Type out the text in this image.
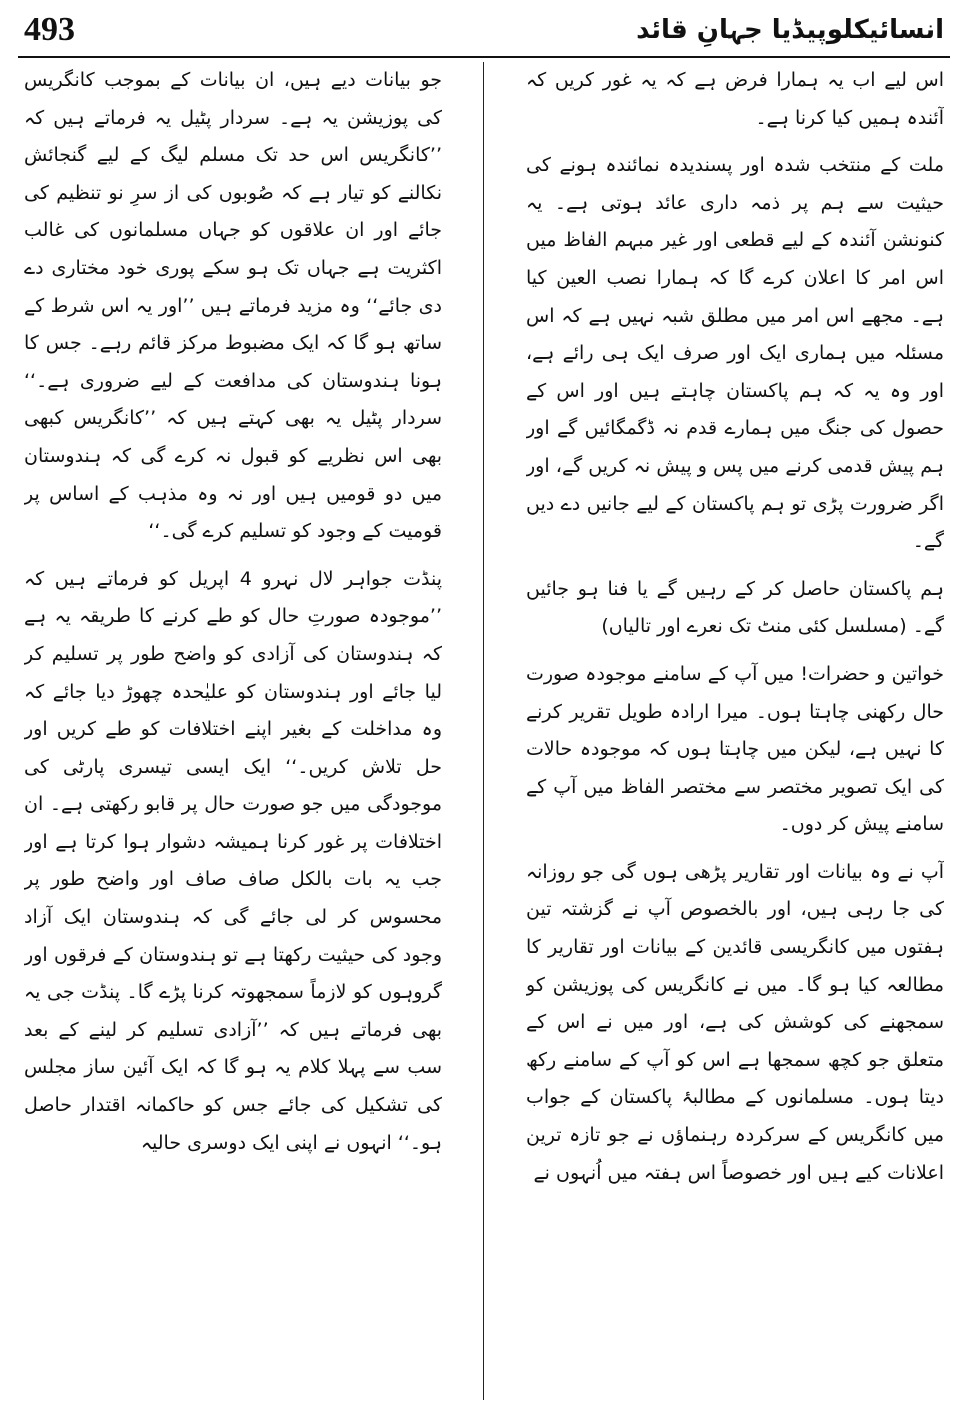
493	انسائیکلوپیڈیا جہانِ قائد

اس لیے اب یہ ہمارا فرض ہے کہ یہ غور کریں کہ آئندہ ہمیں کیا کرنا ہے۔

ملت کے منتخب شدہ اور پسندیدہ نمائندہ ہونے کی حیثیت سے ہم پر ذمہ داری عائد ہوتی ہے۔ یہ کنونشن آئندہ کے لیے قطعی اور غیر مبہم الفاظ میں اس امر کا اعلان کرے گا کہ ہمارا نصب العین کیا ہے۔ مجھے اس امر میں مطلق شبہ نہیں ہے کہ اس مسئلہ میں ہماری ایک اور صرف ایک ہی رائے ہے، اور وہ یہ کہ ہم پاکستان چاہتے ہیں اور اس کے حصول کی جنگ میں ہمارے قدم نہ ڈگمگائیں گے اور ہم پیش قدمی کرنے میں پس و پیش نہ کریں گے، اور اگر ضرورت پڑی تو ہم پاکستان کے لیے جانیں دے دیں گے۔

ہم پاکستان حاصل کر کے رہیں گے یا فنا ہو جائیں گے۔ (مسلسل کئی منٹ تک نعرے اور تالیاں)

خواتین و حضرات! میں آپ کے سامنے موجودہ صورت حال رکھنی چاہتا ہوں۔ میرا ارادہ طویل تقریر کرنے کا نہیں ہے، لیکن میں چاہتا ہوں کہ موجودہ حالات کی ایک تصویر مختصر سے مختصر الفاظ میں آپ کے سامنے پیش کر دوں۔

آپ نے وہ بیانات اور تقاریر پڑھی ہوں گی جو روزانہ کی جا رہی ہیں، اور بالخصوص آپ نے گزشتہ تین ہفتوں میں کانگریسی قائدین کے بیانات اور تقاریر کا مطالعہ کیا ہو گا۔ میں نے کانگریس کی پوزیشن کو سمجھنے کی کوشش کی ہے، اور میں نے اس کے متعلق جو کچھ سمجھا ہے اس کو آپ کے سامنے رکھ دیتا ہوں۔ مسلمانوں کے مطالبۂ پاکستان کے جواب میں کانگریس کے سرکردہ رہنماؤں نے جو تازہ ترین اعلانات کیے ہیں اور خصوصاً اس ہفتہ میں اُنہوں نے

جو بیانات دیے ہیں، ان بیانات کے بموجب کانگریس کی پوزیشن یہ ہے۔ سردار پٹیل یہ فرماتے ہیں کہ ’’کانگریس اس حد تک مسلم لیگ کے لیے گنجائش نکالنے کو تیار ہے کہ صُوبوں کی از سرِ نو تنظیم کی جائے اور ان علاقوں کو جہاں مسلمانوں کی غالب اکثریت ہے جہاں تک ہو سکے پوری خود مختاری دے دی جائے‘‘ وہ مزید فرماتے ہیں ’’اور یہ اس شرط کے ساتھ ہو گا کہ ایک مضبوط مرکز قائم رہے۔ جس کا ہونا ہندوستان کی مدافعت کے لیے ضروری ہے۔‘‘ سردار پٹیل یہ بھی کہتے ہیں کہ ’’کانگریس کبھی بھی اس نظریے کو قبول نہ کرے گی کہ ہندوستان میں دو قومیں ہیں اور نہ وہ مذہب کے اساس پر قومیت کے وجود کو تسلیم کرے گی۔‘‘

پنڈت جواہر لال نہرو 4 اپریل کو فرماتے ہیں کہ ’’موجودہ صورتِ حال کو طے کرنے کا طریقہ یہ ہے کہ ہندوستان کی آزادی کو واضح طور پر تسلیم کر لیا جائے اور ہندوستان کو علیٰحدہ چھوڑ دیا جائے کہ وہ مداخلت کے بغیر اپنے اختلافات کو طے کریں اور حل تلاش کریں۔‘‘ ایک ایسی تیسری پارٹی کی موجودگی میں جو صورت حال پر قابو رکھتی ہے۔ ان اختلافات پر غور کرنا ہمیشہ دشوار ہوا کرتا ہے اور جب یہ بات بالکل صاف صاف اور واضح طور پر محسوس کر لی جائے گی کہ ہندوستان ایک آزاد وجود کی حیثیت رکھتا ہے تو ہندوستان کے فرقوں اور گروہوں کو لازماً سمجھوتہ کرنا پڑے گا۔ پنڈت جی یہ بھی فرماتے ہیں کہ ’’آزادی تسلیم کر لینے کے بعد سب سے پہلا کلام یہ ہو گا کہ ایک آئین ساز مجلس کی تشکیل کی جائے جس کو حاکمانہ اقتدار حاصل ہو۔‘‘ انہوں نے اپنی ایک دوسری حالیہ
